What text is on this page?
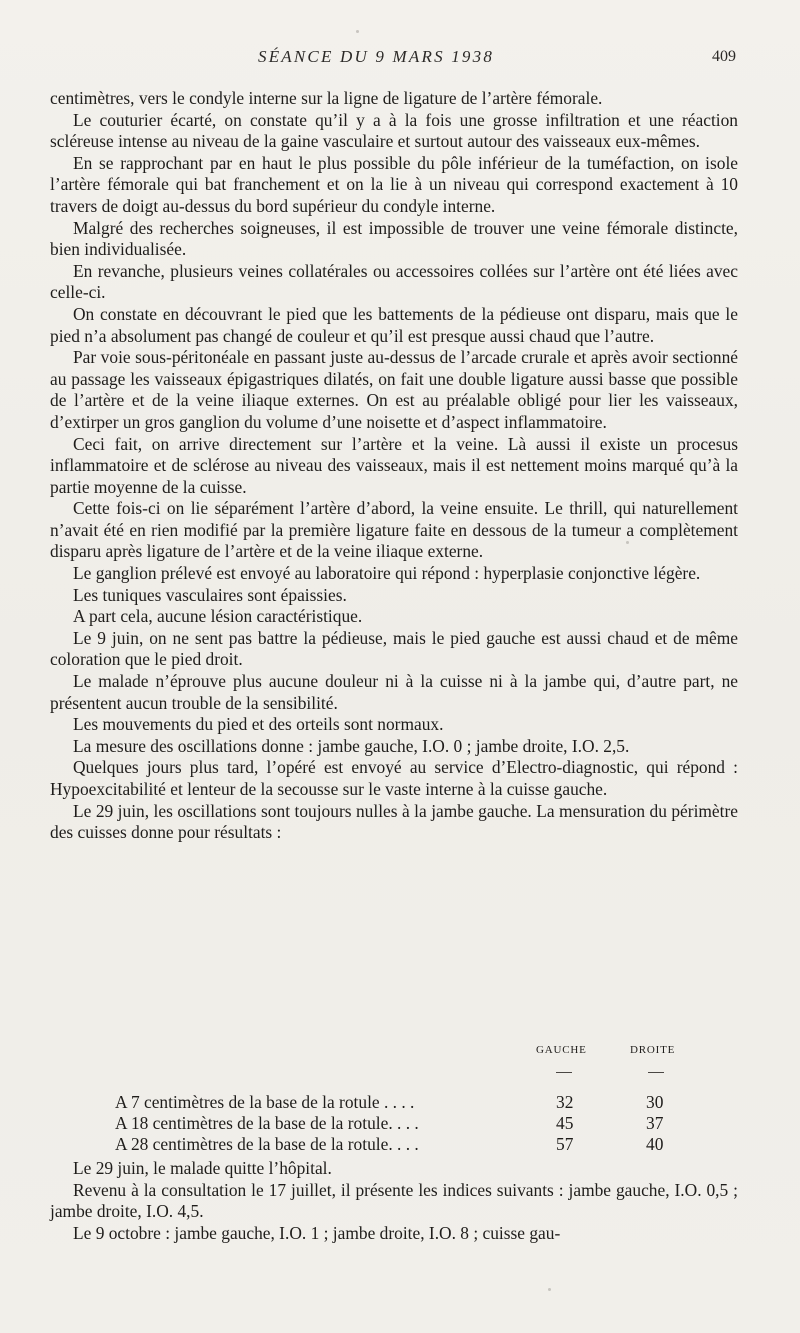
SÉANCE DU 9 MARS 1938	409

centimètres, vers le condyle interne sur la ligne de ligature de l’artère fémorale.

Le couturier écarté, on constate qu’il y a à la fois une grosse infiltration et une réaction scléreuse intense au niveau de la gaine vasculaire et surtout autour des vaisseaux eux-mêmes.

En se rapprochant par en haut le plus possible du pôle inférieur de la tuméfaction, on isole l’artère fémorale qui bat franchement et on la lie à un niveau qui correspond exactement à 10 travers de doigt au-dessus du bord supérieur du condyle interne.

Malgré des recherches soigneuses, il est impossible de trouver une veine fémorale distincte, bien individualisée.

En revanche, plusieurs veines collatérales ou accessoires collées sur l’artère ont été liées avec celle-ci.

On constate en découvrant le pied que les battements de la pédieuse ont disparu, mais que le pied n’a absolument pas changé de couleur et qu’il est presque aussi chaud que l’autre.

Par voie sous-péritonéale en passant juste au-dessus de l’arcade crurale et après avoir sectionné au passage les vaisseaux épigastriques dilatés, on fait une double ligature aussi basse que possible de l’artère et de la veine iliaque externes. On est au préalable obligé pour lier les vaisseaux, d’extirper un gros ganglion du volume d’une noisette et d’aspect inflammatoire.

Ceci fait, on arrive directement sur l’artère et la veine. Là aussi il existe un procesus inflammatoire et de sclérose au niveau des vaisseaux, mais il est nettement moins marqué qu’à la partie moyenne de la cuisse.

Cette fois-ci on lie séparément l’artère d’abord, la veine ensuite. Le thrill, qui naturellement n’avait été en rien modifié par la première ligature faite en dessous de la tumeur a complètement disparu après ligature de l’artère et de la veine iliaque externe.

Le ganglion prélevé est envoyé au laboratoire qui répond : hyperplasie conjonctive légère.

Les tuniques vasculaires sont épaissies.

A part cela, aucune lésion caractéristique.

Le 9 juin, on ne sent pas battre la pédieuse, mais le pied gauche est aussi chaud et de même coloration que le pied droit.

Le malade n’éprouve plus aucune douleur ni à la cuisse ni à la jambe qui, d’autre part, ne présentent aucun trouble de la sensibilité.

Les mouvements du pied et des orteils sont normaux.

La mesure des oscillations donne : jambe gauche, I.O. 0 ; jambe droite, I.O. 2,5.

Quelques jours plus tard, l’opéré est envoyé au service d’Electro-diagnostic, qui répond : Hypoexcitabilité et lenteur de la secousse sur le vaste interne à la cuisse gauche.

Le 29 juin, les oscillations sont toujours nulles à la jambe gauche. La mensuration du périmètre des cuisses donne pour résultats :

GAUCHE	DROITE
A 7 centimètres de la base de la rotule . . . .	32	30
A 18 centimètres de la base de la rotule. . . .	45	37
A 28 centimètres de la base de la rotule. . . .	57	40

Le 29 juin, le malade quitte l’hôpital.

Revenu à la consultation le 17 juillet, il présente les indices suivants : jambe gauche, I.O. 0,5 ; jambe droite, I.O. 4,5.

Le 9 octobre : jambe gauche, I.O. 1 ; jambe droite, I.O. 8 ; cuisse gau-
